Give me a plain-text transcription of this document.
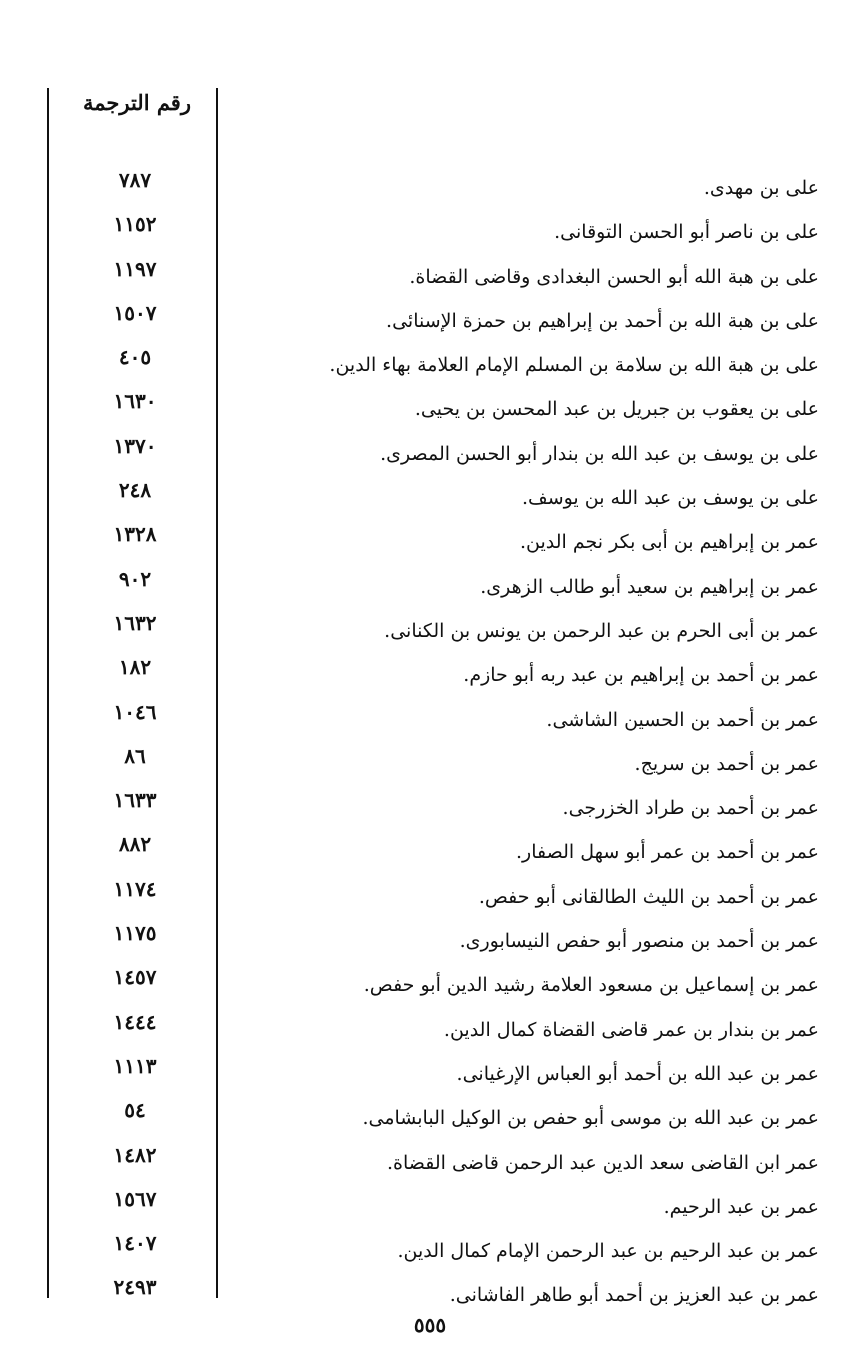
رقم الترجمة
٧٨٧
١١٥٢
١١٩٧
١٥٠٧
٤٠٥
١٦٣٠
١٣٧٠
٢٤٨
١٣٢٨
٩٠٢
١٦٣٢
١٨٢
١٠٤٦
٨٦
١٦٣٣
٨٨٢
١١٧٤
١١٧٥
١٤٥٧
١٤٤٤
١١١٣
٥٤
١٤٨٢
١٥٦٧
١٤٠٧
٢٤٩٣
على بن مهدى.
على بن ناصر أبو الحسن التوقانى.
على بن هبة الله أبو الحسن البغدادى وقاضى القضاة.
على بن هبة الله بن أحمد بن إبراهيم بن حمزة الإسنائى.
على بن هبة الله بن سلامة بن المسلم الإمام العلامة بهاء الدين.
على بن يعقوب بن جبريل بن عبد المحسن بن يحيى.
على بن يوسف بن عبد الله بن بندار أبو الحسن المصرى.
على بن يوسف بن عبد الله بن يوسف.
عمر بن إبراهيم بن أبى بكر نجم الدين.
عمر بن إبراهيم بن سعيد أبو طالب الزهرى.
عمر بن أبى الحرم بن عبد الرحمن بن يونس بن الكنانى.
عمر بن أحمد بن إبراهيم بن عبد ربه أبو حازم.
عمر بن أحمد بن الحسين الشاشى.
عمر بن أحمد بن سريج.
عمر بن أحمد بن طراد الخزرجى.
عمر بن أحمد بن عمر أبو سهل الصفار.
عمر بن أحمد بن الليث الطالقانى أبو حفص.
عمر بن أحمد بن منصور أبو حفص النيسابورى.
عمر بن إسماعيل بن مسعود العلامة رشيد الدين أبو حفص.
عمر بن بندار بن عمر قاضى القضاة كمال الدين.
عمر بن عبد الله بن أحمد أبو العباس الإرغيانى.
عمر بن عبد الله بن موسى أبو حفص بن الوكيل البابشامى.
عمر ابن القاضى سعد الدين عبد الرحمن قاضى القضاة.
عمر بن عبد الرحيم.
عمر بن عبد الرحيم بن عبد الرحمن الإمام كمال الدين.
عمر بن عبد العزيز بن أحمد أبو طاهر الفاشانى.
٥٥٥
